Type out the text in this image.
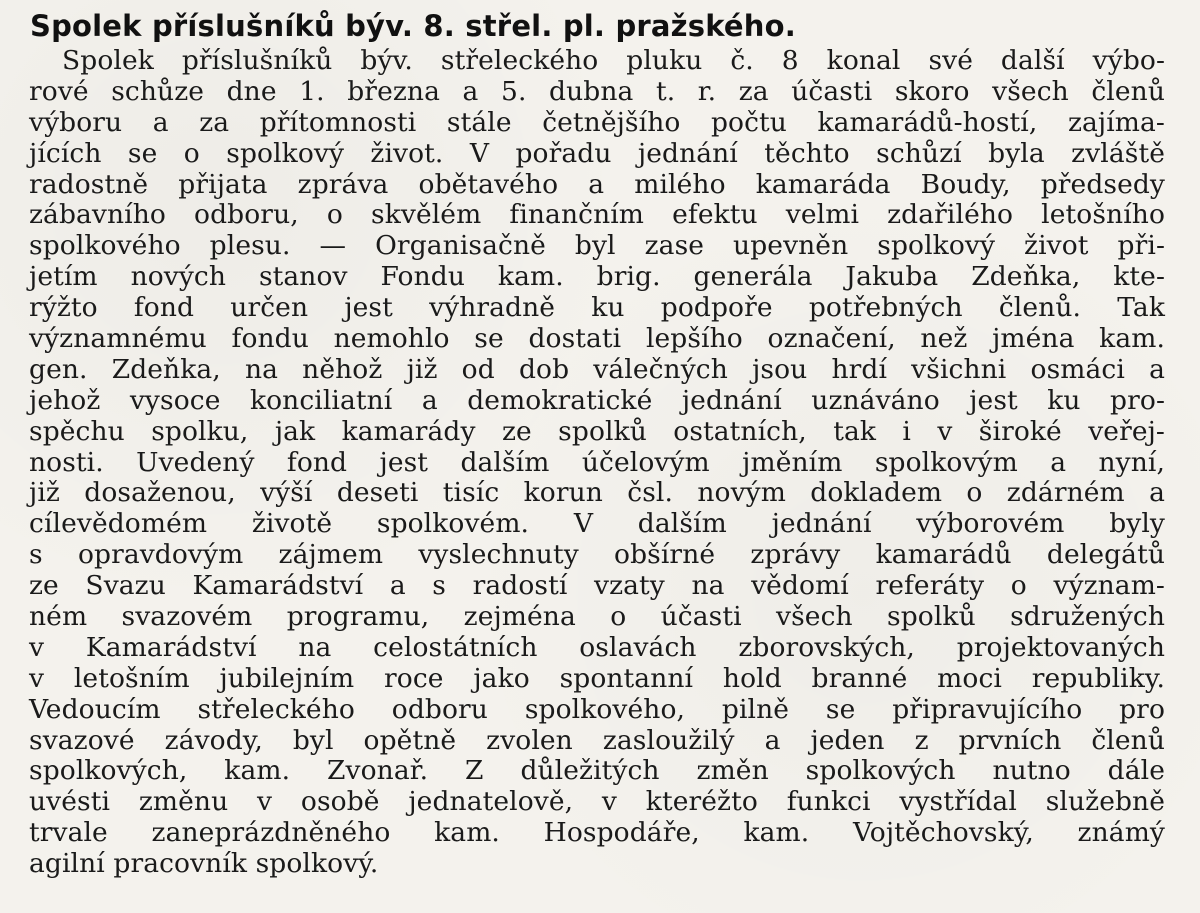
Spolek příslušníků býv. 8. střel. pl. pražského.
Spolek příslušníků býv. střeleckého pluku č. 8 konal své další výbo-
rové schůze dne 1. března a 5. dubna t. r. za účasti skoro všech členů
výboru a za přítomnosti stále četnějšího počtu kamarádů-hostí, zajíma-
jících se o spolkový život. V pořadu jednání těchto schůzí byla zvláště
radostně přijata zpráva obětavého a milého kamaráda Boudy, předsedy
zábavního odboru, o skvělém finančním efektu velmi zdařilého letošního
spolkového plesu. — Organisačně byl zase upevněn spolkový život při-
jetím nových stanov Fondu kam. brig. generála Jakuba Zdeňka, kte-
rýžto fond určen jest výhradně ku podpoře potřebných členů. Tak
významnému fondu nemohlo se dostati lepšího označení, než jména kam.
gen. Zdeňka, na něhož již od dob válečných jsou hrdí všichni osmáci a
jehož vysoce konciliatní a demokratické jednání uznáváno jest ku pro-
spěchu spolku, jak kamarády ze spolků ostatních, tak i v široké veřej-
nosti. Uvedený fond jest dalším účelovým jměním spolkovým a nyní,
již dosaženou, výší deseti tisíc korun čsl. novým dokladem o zdárném a
cílevědomém životě spolkovém. V dalším jednání výborovém byly
s opravdovým zájmem vyslechnuty obšírné zprávy kamarádů delegátů
ze Svazu Kamarádství a s radostí vzaty na vědomí referáty o význam-
ném svazovém programu, zejména o účasti všech spolků sdružených
v Kamarádství na celostátních oslavách zborovských, projektovaných
v letošním jubilejním roce jako spontanní hold branné moci republiky.
Vedoucím střeleckého odboru spolkového, pilně se připravujícího pro
svazové závody, byl opětně zvolen zasloužilý a jeden z prvních členů
spolkových, kam. Zvonař. Z důležitých změn spolkových nutno dále
uvésti změnu v osobě jednatelově, v kteréžto funkci vystřídal služebně
trvale zaneprázdněného kam. Hospodáře, kam. Vojtěchovský, známý
agilní pracovník spolkový.
